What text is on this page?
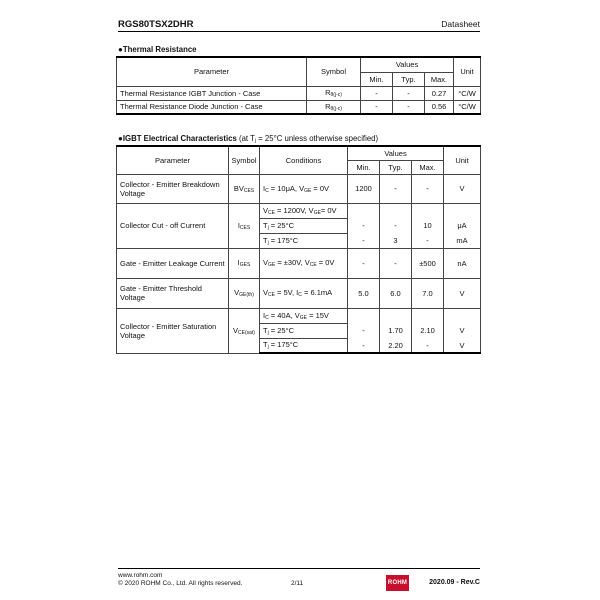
RGS80TSX2DHR	Datasheet
●Thermal Resistance
Parameter	Symbol	Values			Unit
		Min.	Typ.	Max.	
Thermal Resistance IGBT Junction - Case	$R_{\theta(j-c)}$	-	-	0.27	°C/W
Thermal Resistance Diode Junction - Case	$R_{\theta(j-c)}$	-	-	0.56	°C/W
●IGBT Electrical Characteristics (at $T_j = 25^\circ C$ unless otherwise specified)
Parameter	Symbol	Conditions	Values			Unit
			Min.	Typ.	Max.	
Collector - Emitter Breakdown Voltage	$BV_{CES}$	$I_C = 10\mu A$, $V_{GE} = 0V$	1200	-	-	V
Collector Cut - off Current	$I_{CES}$	$V_{CE} = 1200V$, $V_{GE}= 0V$				
		$T_j = 25^\circ C$	-	-	10	μA
		$T_j = 175^\circ C$	-	3	-	mA
Gate - Emitter Leakage Current	$I_{GES}$	$V_{GE} = \pm 30V$, $V_{CE} = 0V$	-	-	±500	nA
Gate - Emitter Threshold Voltage	$V_{GE(th)}$	$V_{CE} = 5V$, $I_C = 6.1mA$	5.0	6.0	7.0	V
Collector - Emitter Saturation Voltage	$V_{CE(sat)}$	$I_C = 40A$, $V_{GE} = 15V$				
		$T_j = 25^\circ C$	-	1.70	2.10	V
		$T_j = 175^\circ C$	-	2.20	-	V
www.rohm.com
© 2020 ROHM Co., Ltd. All rights reserved.	2/11	ROHM	2020.09 - Rev.C
